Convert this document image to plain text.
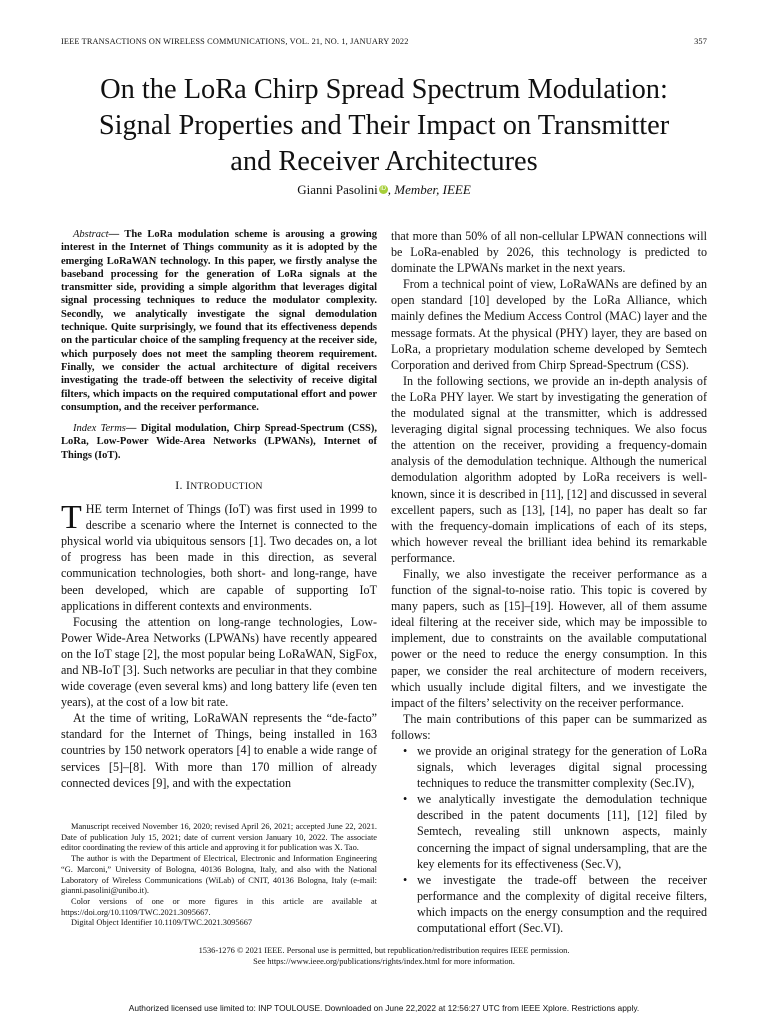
IEEE TRANSACTIONS ON WIRELESS COMMUNICATIONS, VOL. 21, NO. 1, JANUARY 2022	357
On the LoRa Chirp Spread Spectrum Modulation:
Signal Properties and Their Impact on Transmitter
and Receiver Architectures
Gianni Pasolini iD , Member, IEEE

Abstract— The LoRa modulation scheme is arousing a growing interest in the Internet of Things community as it is adopted by the emerging LoRaWAN technology. In this paper, we firstly analyse the baseband processing for the generation of LoRa signals at the transmitter side, providing a simple algorithm that leverages digital signal processing techniques to reduce the modulator complexity. Secondly, we analytically investigate the signal demodulation technique. Quite surprisingly, we found that its effectiveness depends on the particular choice of the sampling frequency at the receiver side, which purposely does not meet the sampling theorem requirement. Finally, we consider the actual architecture of digital receivers investigating the trade-off between the selectivity of receive digital filters, which impacts on the required computational effort and power consumption, and the receiver performance.

Index Terms— Digital modulation, Chirp Spread-Spectrum (CSS), LoRa, Low-Power Wide-Area Networks (LPWANs), Internet of Things (IoT).

I. INTRODUCTION

THE term Internet of Things (IoT) was first used in 1999 to describe a scenario where the Internet is connected to the physical world via ubiquitous sensors [1]. Two decades on, a lot of progress has been made in this direction, as several communication technologies, both short- and long-range, have been developed, which are capable of supporting IoT applications in different contexts and environments.

Focusing the attention on long-range technologies, Low-Power Wide-Area Networks (LPWANs) have recently appeared on the IoT stage [2], the most popular being LoRaWAN, SigFox, and NB-IoT [3]. Such networks are peculiar in that they combine wide coverage (even several kms) and long battery life (even ten years), at the cost of a low bit rate.

At the time of writing, LoRaWAN represents the “de-facto” standard for the Internet of Things, being installed in 163 countries by 150 network operators [4] to enable a wide range of services [5]–[8]. With more than 170 million of already connected devices [9], and with the expectation

Manuscript received November 16, 2020; revised April 26, 2021; accepted June 22, 2021. Date of publication July 15, 2021; date of current version January 10, 2022. The associate editor coordinating the review of this article and approving it for publication was X. Tao.

The author is with the Department of Electrical, Electronic and Information Engineering “G. Marconi,” University of Bologna, 40136 Bologna, Italy, and also with the National Laboratory of Wireless Communications (WiLab) of CNIT, 40136 Bologna, Italy (e-mail: gianni.pasolini@unibo.it).

Color versions of one or more figures in this article are available at https://doi.org/10.1109/TWC.2021.3095667.

Digital Object Identifier 10.1109/TWC.2021.3095667

that more than 50% of all non-cellular LPWAN connections will be LoRa-enabled by 2026, this technology is predicted to dominate the LPWANs market in the next years.

From a technical point of view, LoRaWANs are defined by an open standard [10] developed by the LoRa Alliance, which mainly defines the Medium Access Control (MAC) layer and the message formats. At the physical (PHY) layer, they are based on LoRa, a proprietary modulation scheme developed by Semtech Corporation and derived from Chirp Spread-Spectrum (CSS).

In the following sections, we provide an in-depth analysis of the LoRa PHY layer. We start by investigating the generation of the modulated signal at the transmitter, which is addressed leveraging digital signal processing techniques. We also focus the attention on the receiver, providing a frequency-domain analysis of the demodulation technique. Although the numerical demodulation algorithm adopted by LoRa receivers is well-known, since it is described in [11], [12] and discussed in several excellent papers, such as [13], [14], no paper has dealt so far with the frequency-domain implications of each of its steps, which however reveal the brilliant idea behind its remarkable performance.

Finally, we also investigate the receiver performance as a function of the signal-to-noise ratio. This topic is covered by many papers, such as [15]–[19]. However, all of them assume ideal filtering at the receiver side, which may be impossible to implement, due to constraints on the available computational power or the need to reduce the energy consumption. In this paper, we consider the real architecture of modern receivers, which usually include digital filters, and we investigate the impact of the filters’ selectivity on the receiver performance.

The main contributions of this paper can be summarized as follows:

• we provide an original strategy for the generation of LoRa signals, which leverages digital signal processing techniques to reduce the transmitter complexity (Sec.IV),
• we analytically investigate the demodulation technique described in the patent documents [11], [12] filed by Semtech, revealing still unknown aspects, mainly concerning the impact of signal undersampling, that are the key elements for its effectiveness (Sec.V),
• we investigate the trade-off between the receiver performance and the complexity of digital receive filters, which impacts on the energy consumption and the required computational effort (Sec.VI).
1536-1276 © 2021 IEEE. Personal use is permitted, but republication/redistribution requires IEEE permission.
See https://www.ieee.org/publications/rights/index.html for more information.
Authorized licensed use limited to: INP TOULOUSE. Downloaded on June 22,2022 at 12:56:27 UTC from IEEE Xplore. Restrictions apply.
